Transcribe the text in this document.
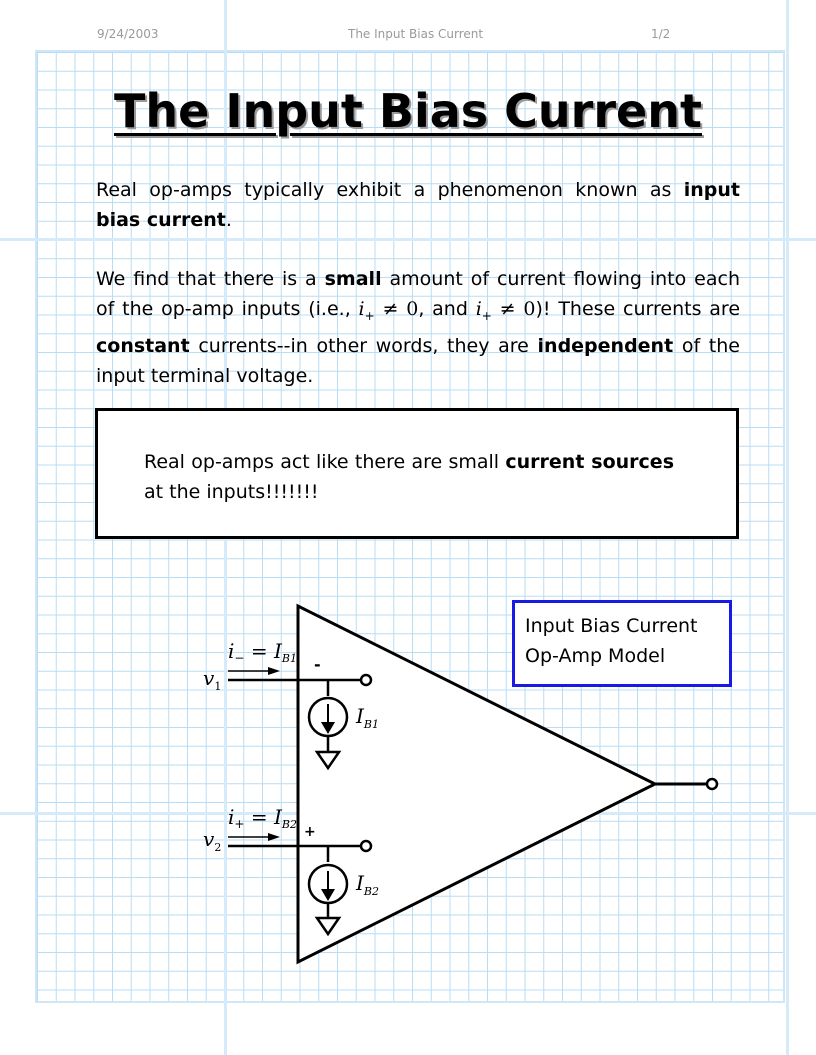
9/24/2003	The Input Bias Current	1/2
The Input Bias Current
Real op-amps typically exhibit a phenomenon known as input bias current.
We find that there is a small amount of current flowing into each of the op-amp inputs (i.e., $i_+ \ne 0$, and $i_+ \ne 0$)! These currents are constant currents--in other words, they are independent of the input terminal voltage.
Real op-amps act like there are small current sources at the inputs!!!!!!!
Input Bias Current
Op-Amp Model
$i_- = I_{B1}$
$v_1$
-
$I_{B1}$
$i_+ = I_{B2}$
$v_2$
+
$I_{B2}$
